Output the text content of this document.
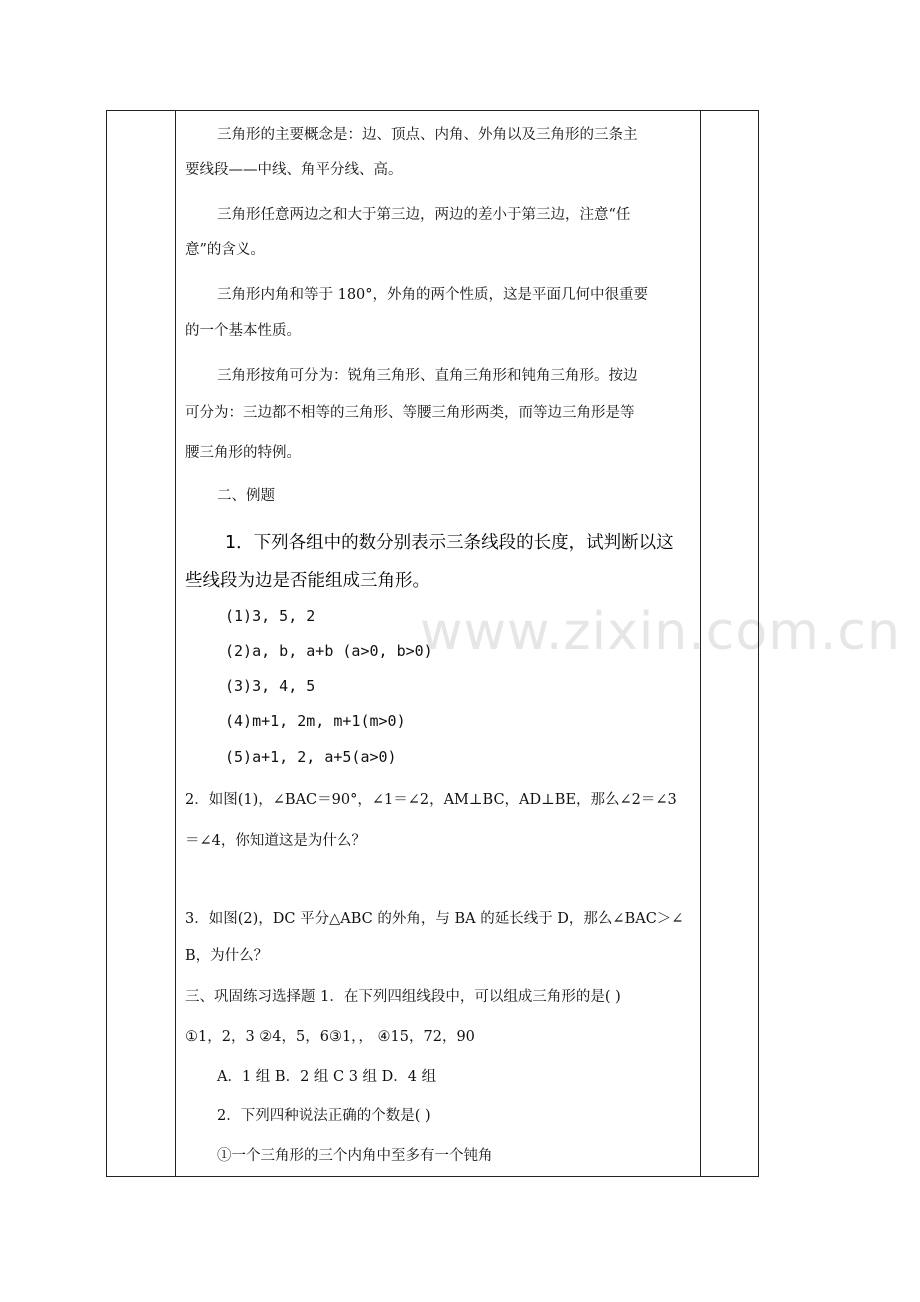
www.zixin.com.cn
三角形的主要概念是：边、顶点、内角、外角以及三角形的三条主
要线段——中线、角平分线、高。
三角形任意两边之和大于第三边，两边的差小于第三边，注意“任
意”的含义。
三角形内角和等于 180°，外角的两个性质，这是平面几何中很重要
的一个基本性质。
三角形按角可分为：锐角三角形、直角三角形和钝角三角形。按边
可分为：三边都不相等的三角形、等腰三角形两类，而等边三角形是等
腰三角形的特例。
二、例题
1．下列各组中的数分别表示三条线段的长度，试判断以这
些线段为边是否能组成三角形。
(1)3, 5, 2
(2)a, b, a+b (a>0, b>0)
(3)3, 4, 5
(4)m+1, 2m, m+1(m>0)
(5)a+1, 2, a+5(a>0)
2．如图(1)，∠BAC＝90°，∠1＝∠2，AM⊥BC，AD⊥BE，那么∠2＝∠3
＝∠4，你知道这是为什么？
3．如图(2)，DC 平分△ABC 的外角，与 BA 的延长线于 D，那么∠BAC＞∠
B，为什么？
三、巩固练习选择题 1．在下列四组线段中，可以组成三角形的是( )
①1，2，3 ②4，5，6③1，， ④15，72，90
A．1 组 B．2 组 C 3 组 D．4 组
2．下列四种说法正确的个数是( )
①一个三角形的三个内角中至多有一个钝角
